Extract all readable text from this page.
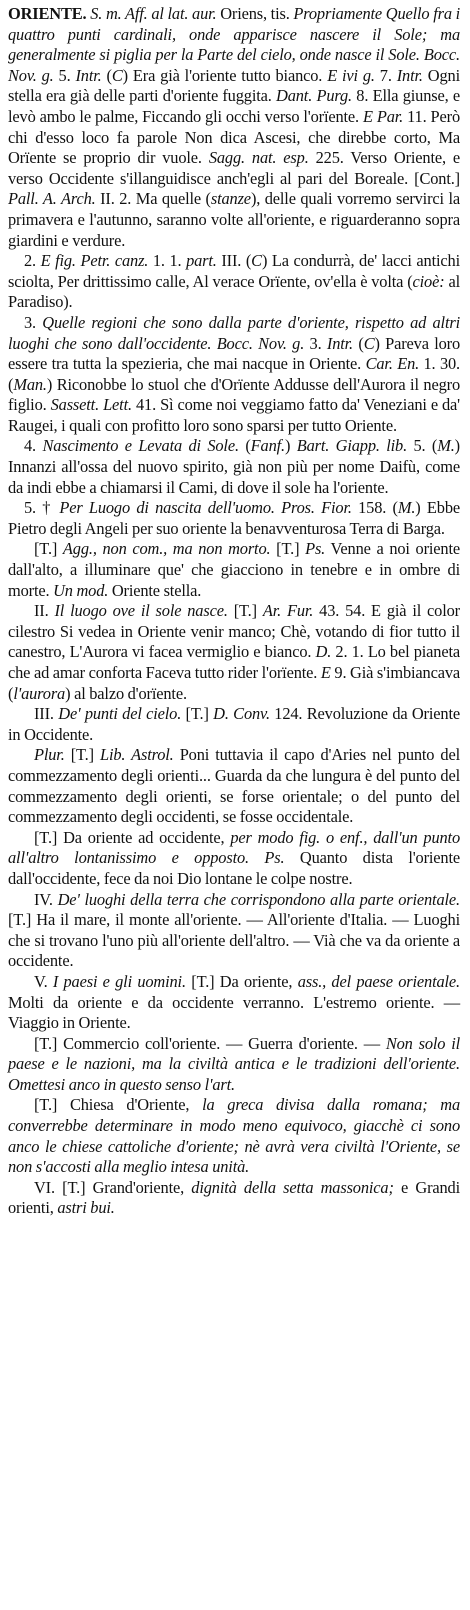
ORIENTE. S. m. Aff. al lat. aur. Oriens, tis. Propriamente Quello fra i quattro punti cardinali, onde apparisce nascere il Sole; ma generalmente si piglia per la Parte del cielo, onde nasce il Sole. Bocc. Nov. g. 5. Intr. (C) Era già l'oriente tutto bianco. E ivi g. 7. Intr. Ogni stella era già delle parti d'oriente fuggita. Dant. Purg. 8. Ella giunse, e levò ambo le palme, Ficcando gli occhi verso l'orïente. E Par. 11. Però chi d'esso loco fa parole Non dica Ascesi, che direbbe corto, Ma Orïente se proprio dir vuole. Sagg. nat. esp. 225. Verso Oriente, e verso Occidente s'illanguidisce anch'egli al pari del Boreale. [Cont.] Pall. A. Arch. II. 2. Ma quelle (stanze), delle quali vorremo servirci la primavera e l'autunno, saranno volte all'oriente, e riguarderanno sopra giardini e verdure.

2. E fig. Petr. canz. 1. 1. part. III. (C) La condurrà, de' lacci antichi sciolta, Per drittissimo calle, Al verace Orïente, ov'ella è volta (cioè: al Paradiso).

3. Quelle regioni che sono dalla parte d'oriente, rispetto ad altri luoghi che sono dall'occidente. Bocc. Nov. g. 3. Intr. (C) Pareva loro essere tra tutta la spezieria, che mai nacque in Oriente. Car. En. 1. 30. (Man.) Riconobbe lo stuol che d'Orïente Addusse dell'Aurora il negro figlio. Sassett. Lett. 41. Sì come noi veggiamo fatto da' Veneziani e da' Raugei, i quali con profitto loro sono sparsi per tutto Oriente.

4. Nascimento e Levata di Sole. (Fanf.) Bart. Giapp. lib. 5. (M.) Innanzi all'ossa del nuovo spirito, già non più per nome Daifù, come da indi ebbe a chiamarsi il Cami, di dove il sole ha l'oriente.

5. † Per Luogo di nascita dell'uomo. Pros. Fior. 158. (M.) Ebbe Pietro degli Angeli per suo oriente la benavventurosa Terra di Barga.

[T.] Agg., non com., ma non morto. [T.] Ps. Venne a noi oriente dall'alto, a illuminare que' che giacciono in tenebre e in ombre di morte. Un mod. Oriente stella.

II. Il luogo ove il sole nasce. [T.] Ar. Fur. 43. 54. E già il color cilestro Si vedea in Oriente venir manco; Chè, votando di fior tutto il canestro, L'Aurora vi facea vermiglio e bianco. D. 2. 1. Lo bel pianeta che ad amar conforta Faceva tutto rider l'orïente. E 9. Già s'imbiancava (l'aurora) al balzo d'orïente.

III. De' punti del cielo. [T.] D. Conv. 124. Revoluzione da Oriente in Occidente.

Plur. [T.] Lib. Astrol. Poni tuttavia il capo d'Aries nel punto del commezzamento degli orienti... Guarda da che lungura è del punto del commezzamento degli orienti, se forse orientale; o del punto del commezzamento degli occidenti, se fosse occidentale.

[T.] Da oriente ad occidente, per modo fig. o enf., dall'un punto all'altro lontanissimo e opposto. Ps. Quanto dista l'oriente dall'occidente, fece da noi Dio lontane le colpe nostre.

IV. De' luoghi della terra che corrispondono alla parte orientale. [T.] Ha il mare, il monte all'oriente. — All'oriente d'Italia. — Luoghi che si trovano l'uno più all'oriente dell'altro. — Vià che va da oriente a occidente.

V. I paesi e gli uomini. [T.] Da oriente, ass., del paese orientale. Molti da oriente e da occidente verranno. L'estremo oriente. — Viaggio in Oriente.

[T.] Commercio coll'oriente. — Guerra d'oriente. — Non solo il paese e le nazioni, ma la civiltà antica e le tradizioni dell'oriente. Omettesi anco in questo senso l'art.

[T.] Chiesa d'Oriente, la greca divisa dalla romana; ma converrebbe determinare in modo meno equivoco, giacchè ci sono anco le chiese cattoliche d'oriente; nè avrà vera civiltà l'Oriente, se non s'accosti alla meglio intesa unità.

VI. [T.] Grand'oriente, dignità della setta massonica; e Grandi orienti, astri bui.
